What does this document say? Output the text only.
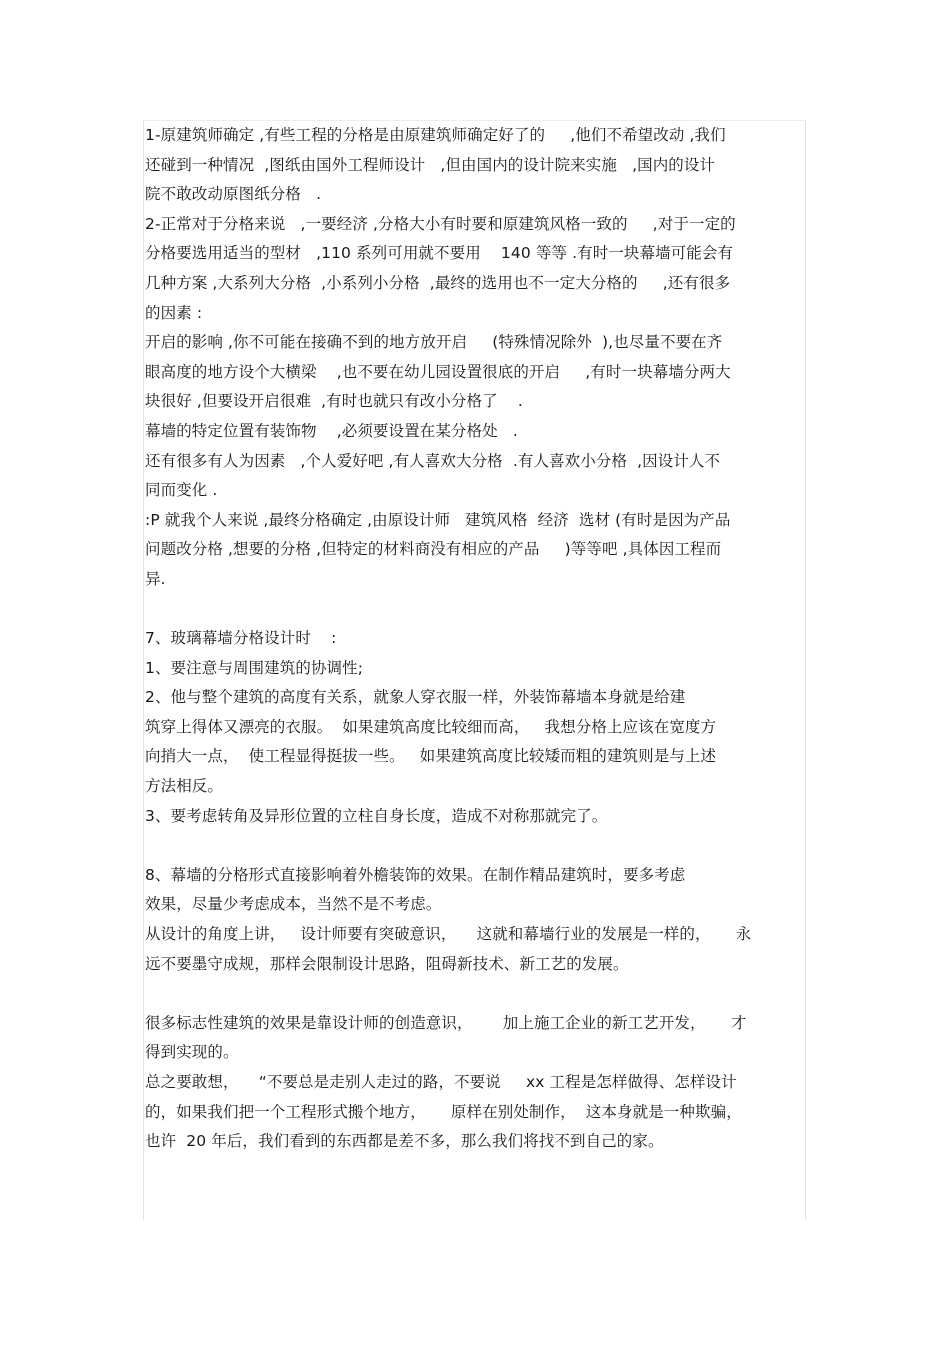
1-原建筑师确定 ,有些工程的分格是由原建筑师确定好了的     ,他们不希望改动 ,我们
还碰到一种情况  ,图纸由国外工程师设计   ,但由国内的设计院来实施   ,国内的设计
院不敢改动原图纸分格   .
2-正常对于分格来说   ,一要经济 ,分格大小有时要和原建筑风格一致的     ,对于一定的
分格要选用适当的型材   ,110 系列可用就不要用    140 等等 .有时一块幕墙可能会有
几种方案 ,大系列大分格  ,小系列小分格  ,最终的选用也不一定大分格的     ,还有很多
的因素 :
开启的影响 ,你不可能在接确不到的地方放开启     (特殊情况除外  ),也尽量不要在齐
眼高度的地方设个大横梁    ,也不要在幼儿园设置很底的开启     ,有时一块幕墙分两大
块很好 ,但要设开启很难  ,有时也就只有改小分格了    .
幕墙的特定位置有装饰物    ,必须要设置在某分格处   .
还有很多有人为因素   ,个人爱好吧 ,有人喜欢大分格  .有人喜欢小分格  ,因设计人不
同而变化 .
:P 就我个人来说 ,最终分格确定 ,由原设计师   建筑风格  经济  选材 (有时是因为产品
问题改分格 ,想要的分格 ,但特定的材料商没有相应的产品     )等等吧 ,具体因工程而
异.
7、玻璃幕墙分格设计时    :
1、要注意与周围建筑的协调性;
2、他与整个建筑的高度有关系，就象人穿衣服一样，外装饰幕墙本身就是给建
筑穿上得体又漂亮的衣服。  如果建筑高度比较细而高，   我想分格上应该在宽度方
向捎大一点，  使工程显得挺拔一些。   如果建筑高度比较矮而粗的建筑则是与上述
方法相反。
3、要考虑转角及异形位置的立柱自身长度，造成不对称那就完了。
8、幕墙的分格形式直接影响着外檐装饰的效果。在制作精品建筑时，要多考虑
效果，尽量少考虑成本，当然不是不考虑。
从设计的角度上讲，   设计师要有突破意识，    这就和幕墙行业的发展是一样的，     永
远不要墨守成规，那样会限制设计思路，阻碍新技术、新工艺的发展。
很多标志性建筑的效果是靠设计师的创造意识，      加上施工企业的新工艺开发，     才
得到实现的。
总之要敢想，    “不要总是走别人走过的路，不要说     xx 工程是怎样做得、怎样设计
的，如果我们把一个工程形式搬个地方，     原样在别处制作，  这本身就是一种欺骗，
也许  20 年后，我们看到的东西都是差不多，那么我们将找不到自己的家。
